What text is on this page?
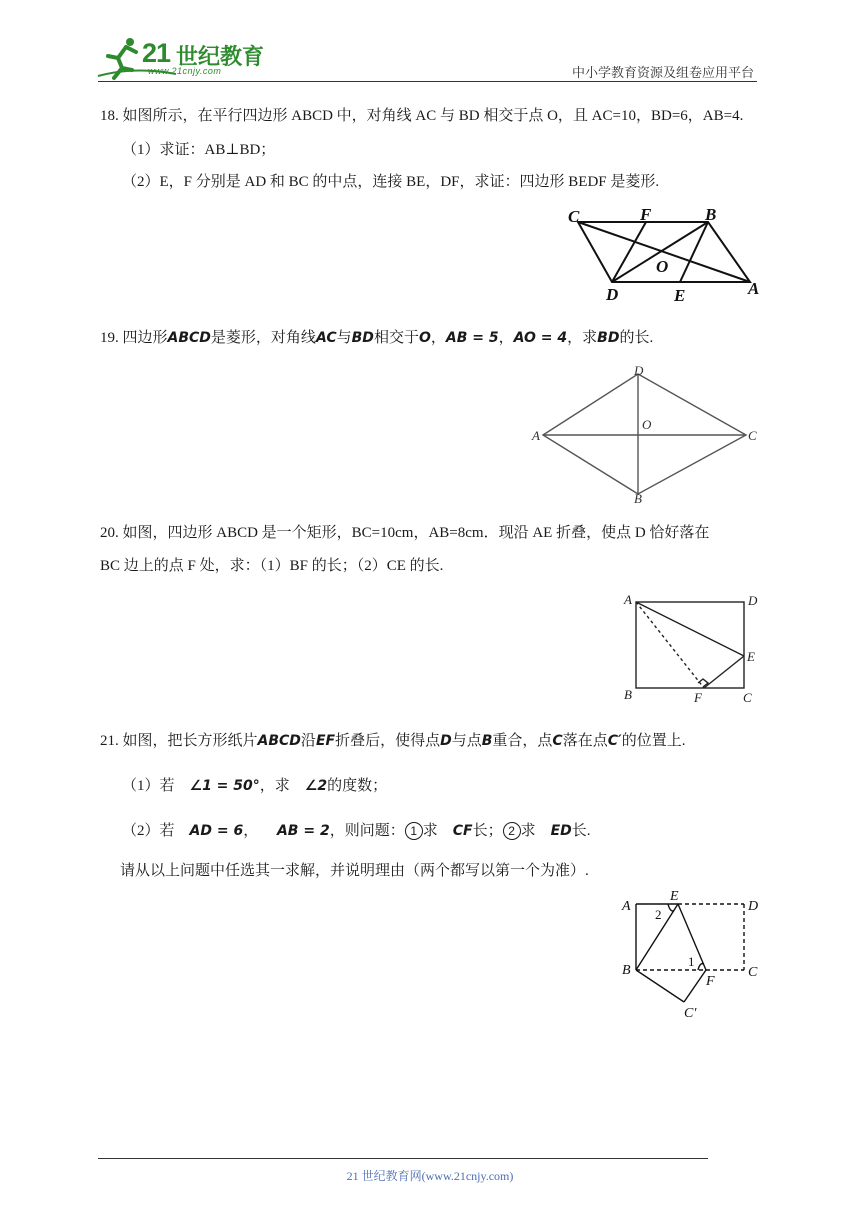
21 世纪教育
www.21cnjy.com	中小学教育资源及组卷应用平台
18. 如图所示，在平行四边形 ABCD 中，对角线 AC 与 BD 相交于点 O，且 AC=10，BD=6，AB=4.
（1）求证：AB⊥BD；
（2）E，F 分别是 AD 和 BC 的中点，连接 BE，DF，求证：四边形 BEDF 是菱形.
C	F	B
O
D	E	A
19. 四边形ABCD是菱形，对角线AC与BD相交于O，AB = 5，AO = 4，求BD的长.
D
A
O
C
B
20. 如图，四边形 ABCD 是一个矩形，BC=10cm，AB=8cm．现沿 AE 折叠，使点 D 恰好落在
BC 边上的点 F 处，求：（1）BF 的长；（2）CE 的长.
A	D
E
B	F	C
21. 如图，把长方形纸片ABCD沿EF折叠后，使得点D与点B重合，点C落在点C′的位置上.
（1）若 ∠1 = 50°，求 ∠2的度数；
（2）若 AD = 6， AB = 2，则问题： 1 求 CF长； 2 求 ED长.
请从以上问题中任选其一求解，并说明理由（两个都写以第一个为准）.
A
E
D
B	C
F
C′
2
1
21 世纪教育网(www.21cnjy.com)
